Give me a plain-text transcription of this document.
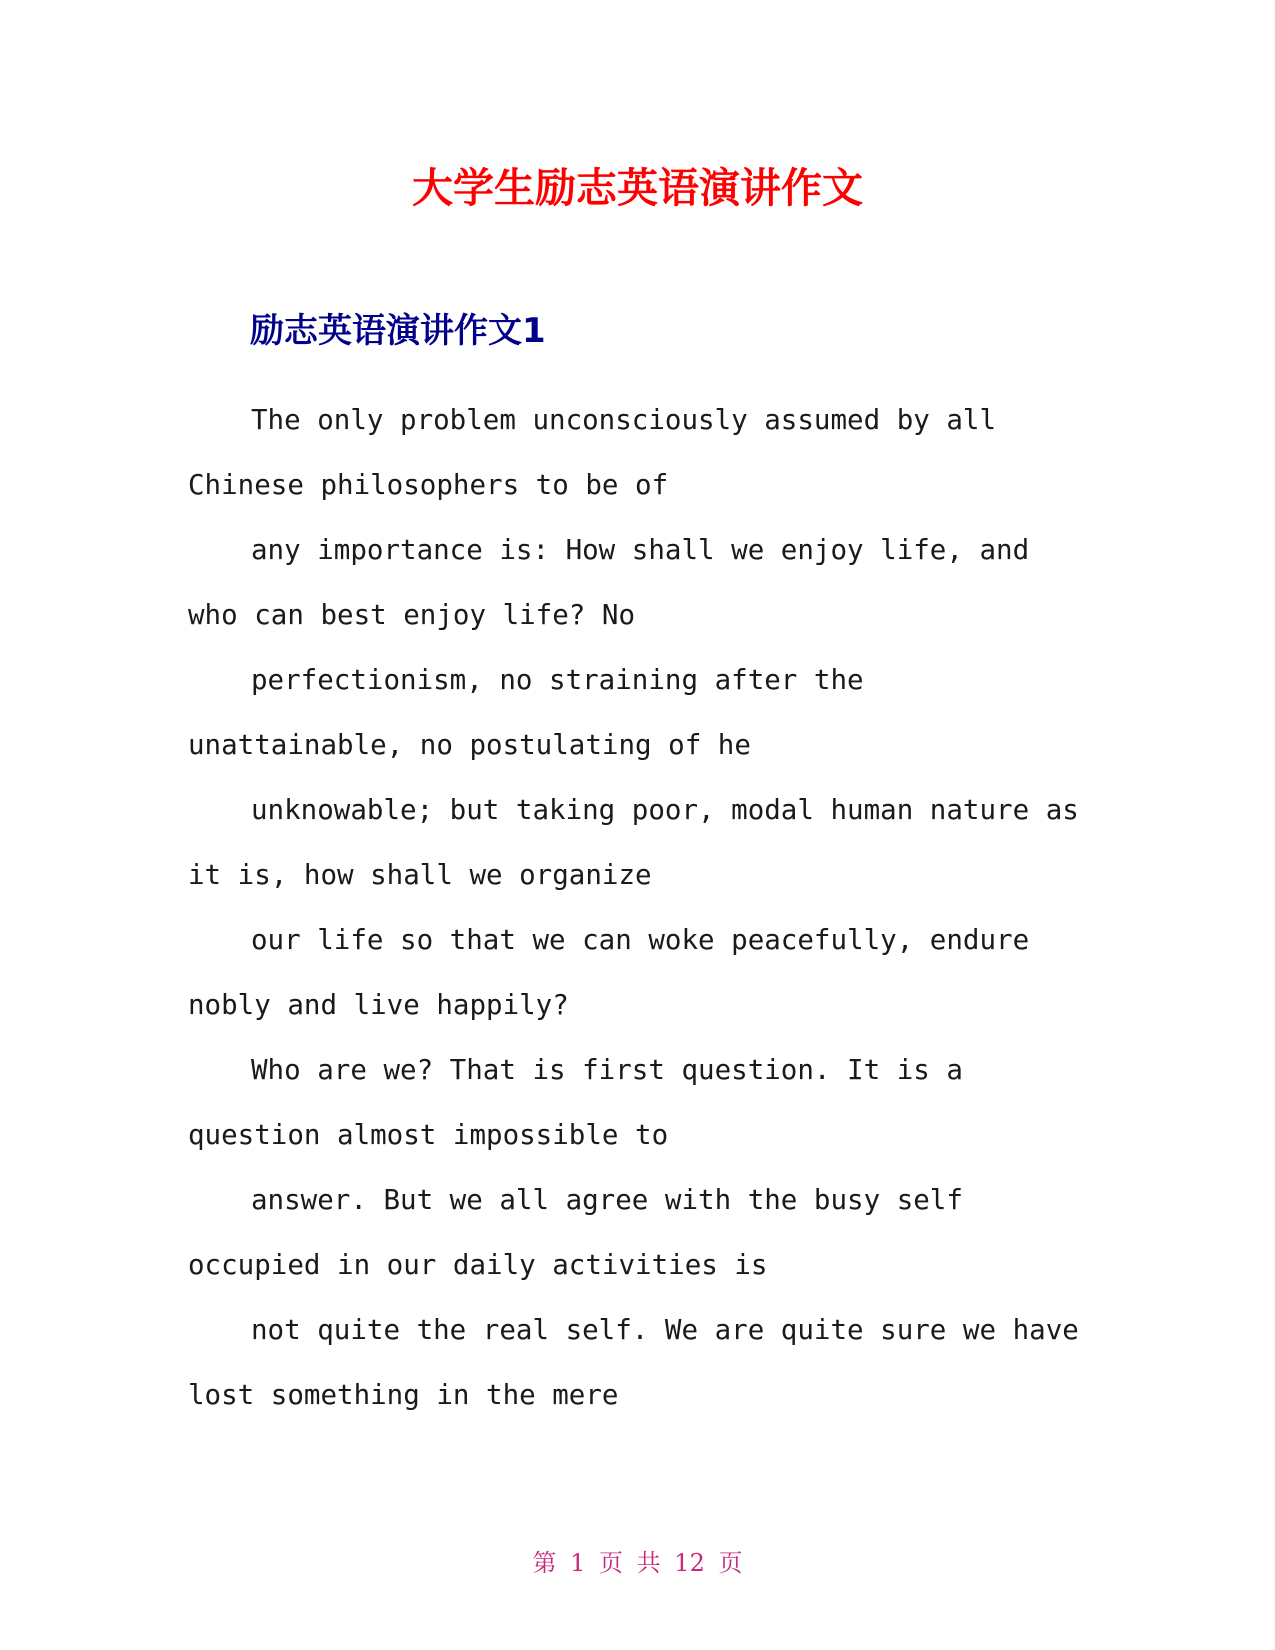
大学生励志英语演讲作文
励志英语演讲作文1
The only problem unconsciously assumed by all
Chinese philosophers to be of
any importance is: How shall we enjoy life, and
who can best enjoy life? No
perfectionism, no straining after the
unattainable, no postulating of he
unknowable; but taking poor, modal human nature as
it is, how shall we organize
our life so that we can woke peacefully, endure
nobly and live happily?
Who are we? That is first question. It is a
question almost impossible to
answer. But we all agree with the busy self
occupied in our daily activities is
not quite the real self. We are quite sure we have
lost something in the mere
第 1 页 共 12 页
